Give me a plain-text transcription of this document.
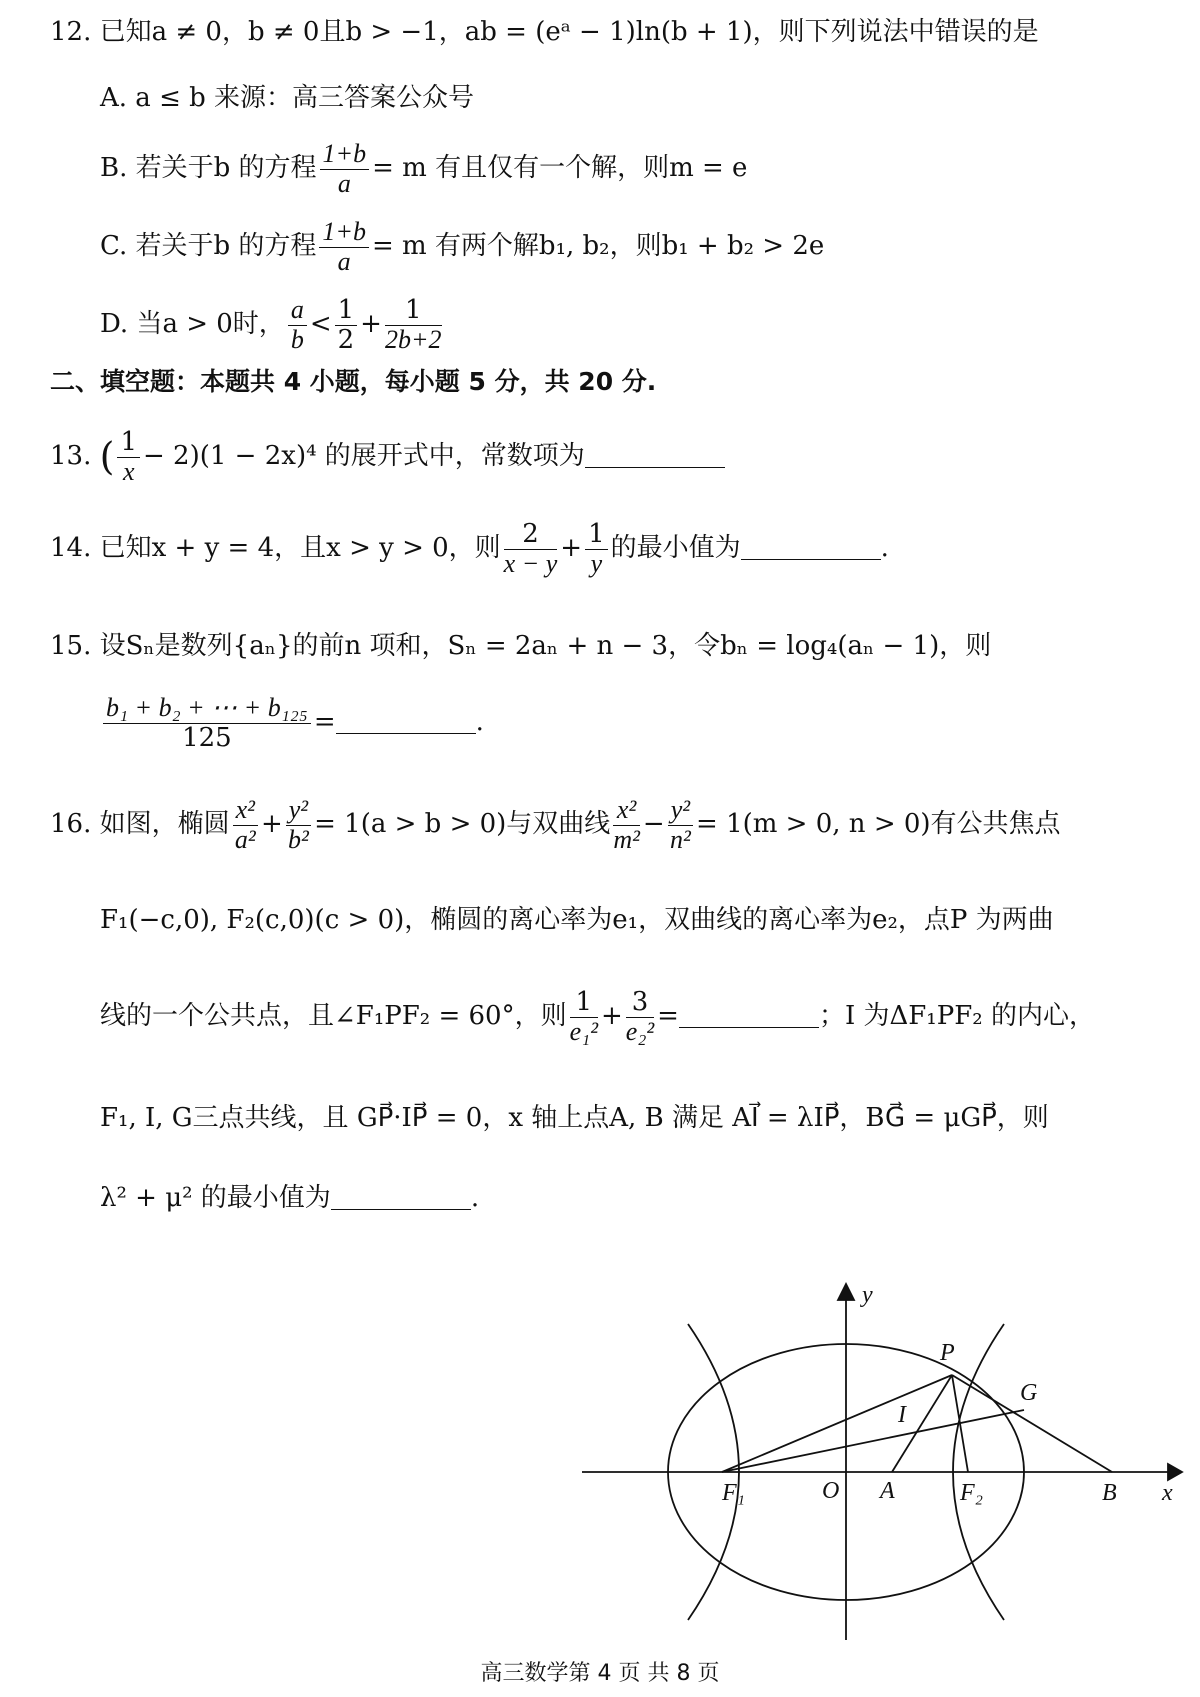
12. 已知a ≠ 0，b ≠ 0且b > −1，ab = (eᵃ − 1)ln(b + 1)，则下列说法中错误的是
A. a ≤ b 来源：高三答案公众号
B. 若关于b 的方程 $\frac{1+b}{a} = m$ 有且仅有一个解，则m = e
C. 若关于b 的方程 $\frac{1+b}{a} = m$ 有两个解b₁, b₂，则b₁ + b₂ > 2e
D. 当a > 0时， $\frac{a}{b} < \frac{1}{2} + \frac{1}{2b+2}$
二、填空题：本题共 4 小题，每小题 5 分，共 20 分.
13. ( $\frac{1}{x} - 2)(1 - 2x)^4$ 的展开式中，常数项为
14. 已知x + y = 4，且x > y > 0，则 $\frac{2}{x - y} + \frac{1}{y}$ 的最小值为	.
15. 设Sₙ是数列{aₙ}的前n 项和，Sₙ = 2aₙ + n − 3，令bₙ = log₄(aₙ − 1)，则
$\frac{\text{b₁ + b₂ + ⋯ + b₁₂₅}}{125}$ =	.
16. 如图，椭圆 $\frac{\text{x²}}{\text{a²}} + \frac{\text{y²}}{\text{b²}} = 1(a > b > 0)$与双曲线 $\frac{\text{x²}}{\text{m²}} - \frac{\text{y²}}{\text{n²}} = 1(m > 0$, n > 0)有公共焦点
F₁(−c,0), F₂(c,0)(c > 0)，椭圆的离心率为e₁，双曲线的离心率为e₂，点P 为两曲
线的一个公共点，且∠F₁PF₂ = 60°，则 $\frac{1}{\text{e₁²}} + \frac{3}{\text{e₂²}}$ =	；I 为ΔF₁PF₂ 的内心，
F₁, I, G三点共线，且 GP⃗·IP⃗ = 0，x 轴上点A, B 满足 AI⃗ = λIP⃗，BG⃗ = μGP⃗，则
λ² + μ² 的最小值为	.
y
x
P
G
I
F₁	O A	F₂	B
高三数学第 4 页 共 8 页
